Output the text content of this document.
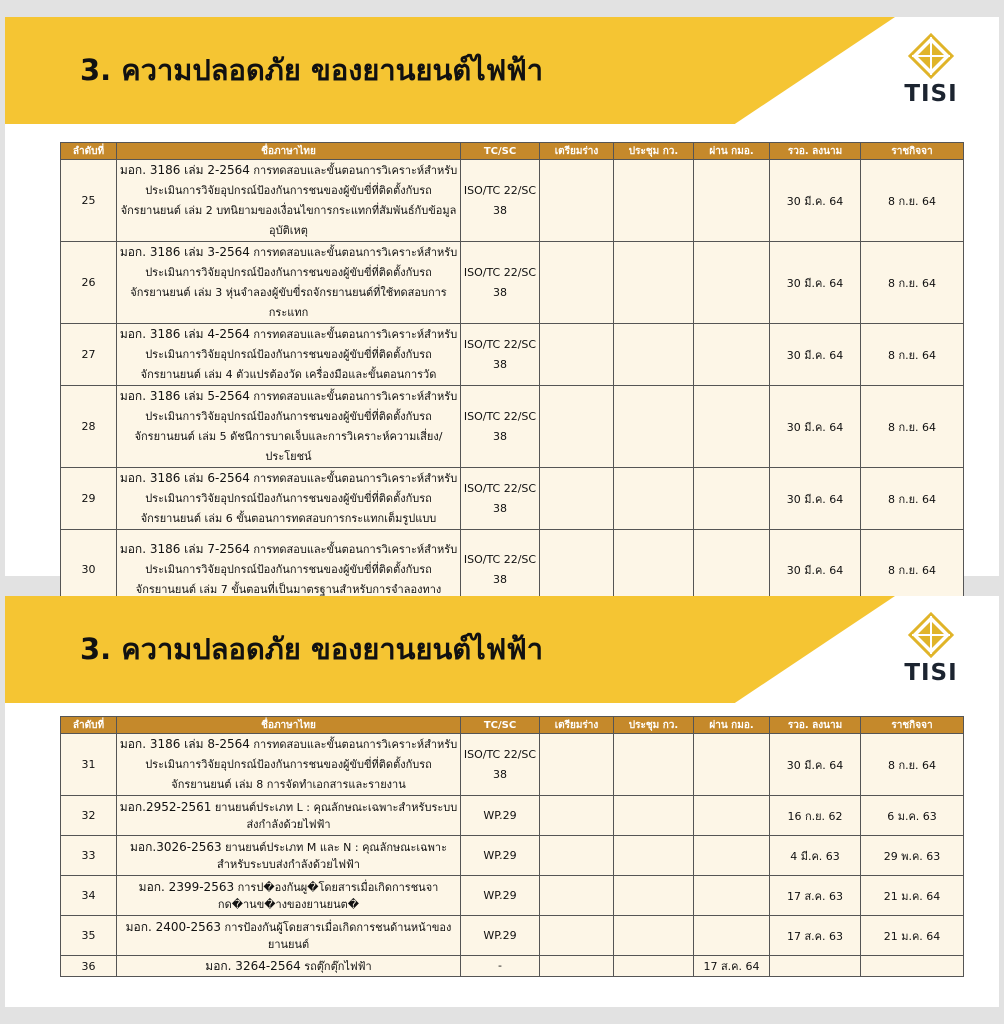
3. ความปลอดภัย ของยานยนต์ไฟฟ้า
TISI
ลำดับที่	ชื่อภาษาไทย	TC/SC	เตรียมร่าง	ประชุม กว.	ผ่าน กมอ.	รวอ. ลงนาม	ราชกิจจา
25	มอก. 3186 เล่ม 2-2564 การทดสอบและขั้นตอนการวิเคราะห์สำหรับประเมินการวิจัยอุปกรณ์ป้องกันการชนของผู้ขับขี่ที่ติดตั้งกับรถจักรยานยนต์ เล่ม 2 บทนิยามของเงื่อนไขการกระแทกที่สัมพันธ์กับข้อมูลอุบัติเหตุ	ISO/TC 22/SC 38				30 มี.ค. 64	8 ก.ย. 64
26	มอก. 3186 เล่ม 3-2564 การทดสอบและขั้นตอนการวิเคราะห์สำหรับประเมินการวิจัยอุปกรณ์ป้องกันการชนของผู้ขับขี่ที่ติดตั้งกับรถจักรยานยนต์ เล่ม 3 หุ่นจำลองผู้ขับขี่รถจักรยานยนต์ที่ใช้ทดสอบการกระแทก	ISO/TC 22/SC 38				30 มี.ค. 64	8 ก.ย. 64
27	มอก. 3186 เล่ม 4-2564 การทดสอบและขั้นตอนการวิเคราะห์สำหรับประเมินการวิจัยอุปกรณ์ป้องกันการชนของผู้ขับขี่ที่ติดตั้งกับรถจักรยานยนต์ เล่ม 4 ตัวแปรต้องวัด เครื่องมือและขั้นตอนการวัด	ISO/TC 22/SC 38				30 มี.ค. 64	8 ก.ย. 64
28	มอก. 3186 เล่ม 5-2564 การทดสอบและขั้นตอนการวิเคราะห์สำหรับประเมินการวิจัยอุปกรณ์ป้องกันการชนของผู้ขับขี่ที่ติดตั้งกับรถจักรยานยนต์ เล่ม 5 ดัชนีการบาดเจ็บและการวิเคราะห์ความเสี่ยง/ประโยชน์	ISO/TC 22/SC 38				30 มี.ค. 64	8 ก.ย. 64
29	มอก. 3186 เล่ม 6-2564 การทดสอบและขั้นตอนการวิเคราะห์สำหรับประเมินการวิจัยอุปกรณ์ป้องกันการชนของผู้ขับขี่ที่ติดตั้งกับรถจักรยานยนต์ เล่ม 6 ขั้นตอนการทดสอบการกระแทกเต็มรูปแบบ	ISO/TC 22/SC 38				30 มี.ค. 64	8 ก.ย. 64
30	มอก. 3186 เล่ม 7-2564 การทดสอบและขั้นตอนการวิเคราะห์สำหรับประเมินการวิจัยอุปกรณ์ป้องกันการชนของผู้ขับขี่ที่ติดตั้งกับรถจักรยานยนต์ เล่ม 7 ขั้นตอนที่เป็นมาตรฐานสำหรับการจำลองทาง	ISO/TC 22/SC 38				30 มี.ค. 64	8 ก.ย. 64
3. ความปลอดภัย ของยานยนต์ไฟฟ้า
TISI
ลำดับที่	ชื่อภาษาไทย	TC/SC	เตรียมร่าง	ประชุม กว.	ผ่าน กมอ.	รวอ. ลงนาม	ราชกิจจา
31	มอก. 3186 เล่ม 8-2564 การทดสอบและขั้นตอนการวิเคราะห์สำหรับประเมินการวิจัยอุปกรณ์ป้องกันการชนของผู้ขับขี่ที่ติดตั้งกับรถจักรยานยนต์ เล่ม 8 การจัดทำเอกสารและรายงาน	ISO/TC 22/SC 38				30 มี.ค. 64	8 ก.ย. 64
32	มอก.2952-2561 ยานยนต์ประเภท L : คุณลักษณะเฉพาะสำหรับระบบส่งกำลังด้วยไฟฟ้า	WP.29				16 ก.ย. 62	6 ม.ค. 63
33	มอก.3026-2563 ยานยนต์ประเภท M และ N : คุณลักษณะเฉพาะสำหรับระบบส่งกำลังด้วยไฟฟ้า	WP.29				4 มี.ค. 63	29 พ.ค. 63
34	มอก. 2399-2563 การป�องกันผู�โดยสารเมื่อเกิดการชนจากด�านข�างของยานยนต�	WP.29				17 ส.ค. 63	21 ม.ค. 64
35	มอก. 2400-2563 การป้องกันผู้โดยสารเมื่อเกิดการชนด้านหน้าของยานยนต์	WP.29				17 ส.ค. 63	21 ม.ค. 64
36	มอก. 3264-2564 รถตุ๊กตุ๊กไฟฟ้า	-			17 ส.ค. 64		
